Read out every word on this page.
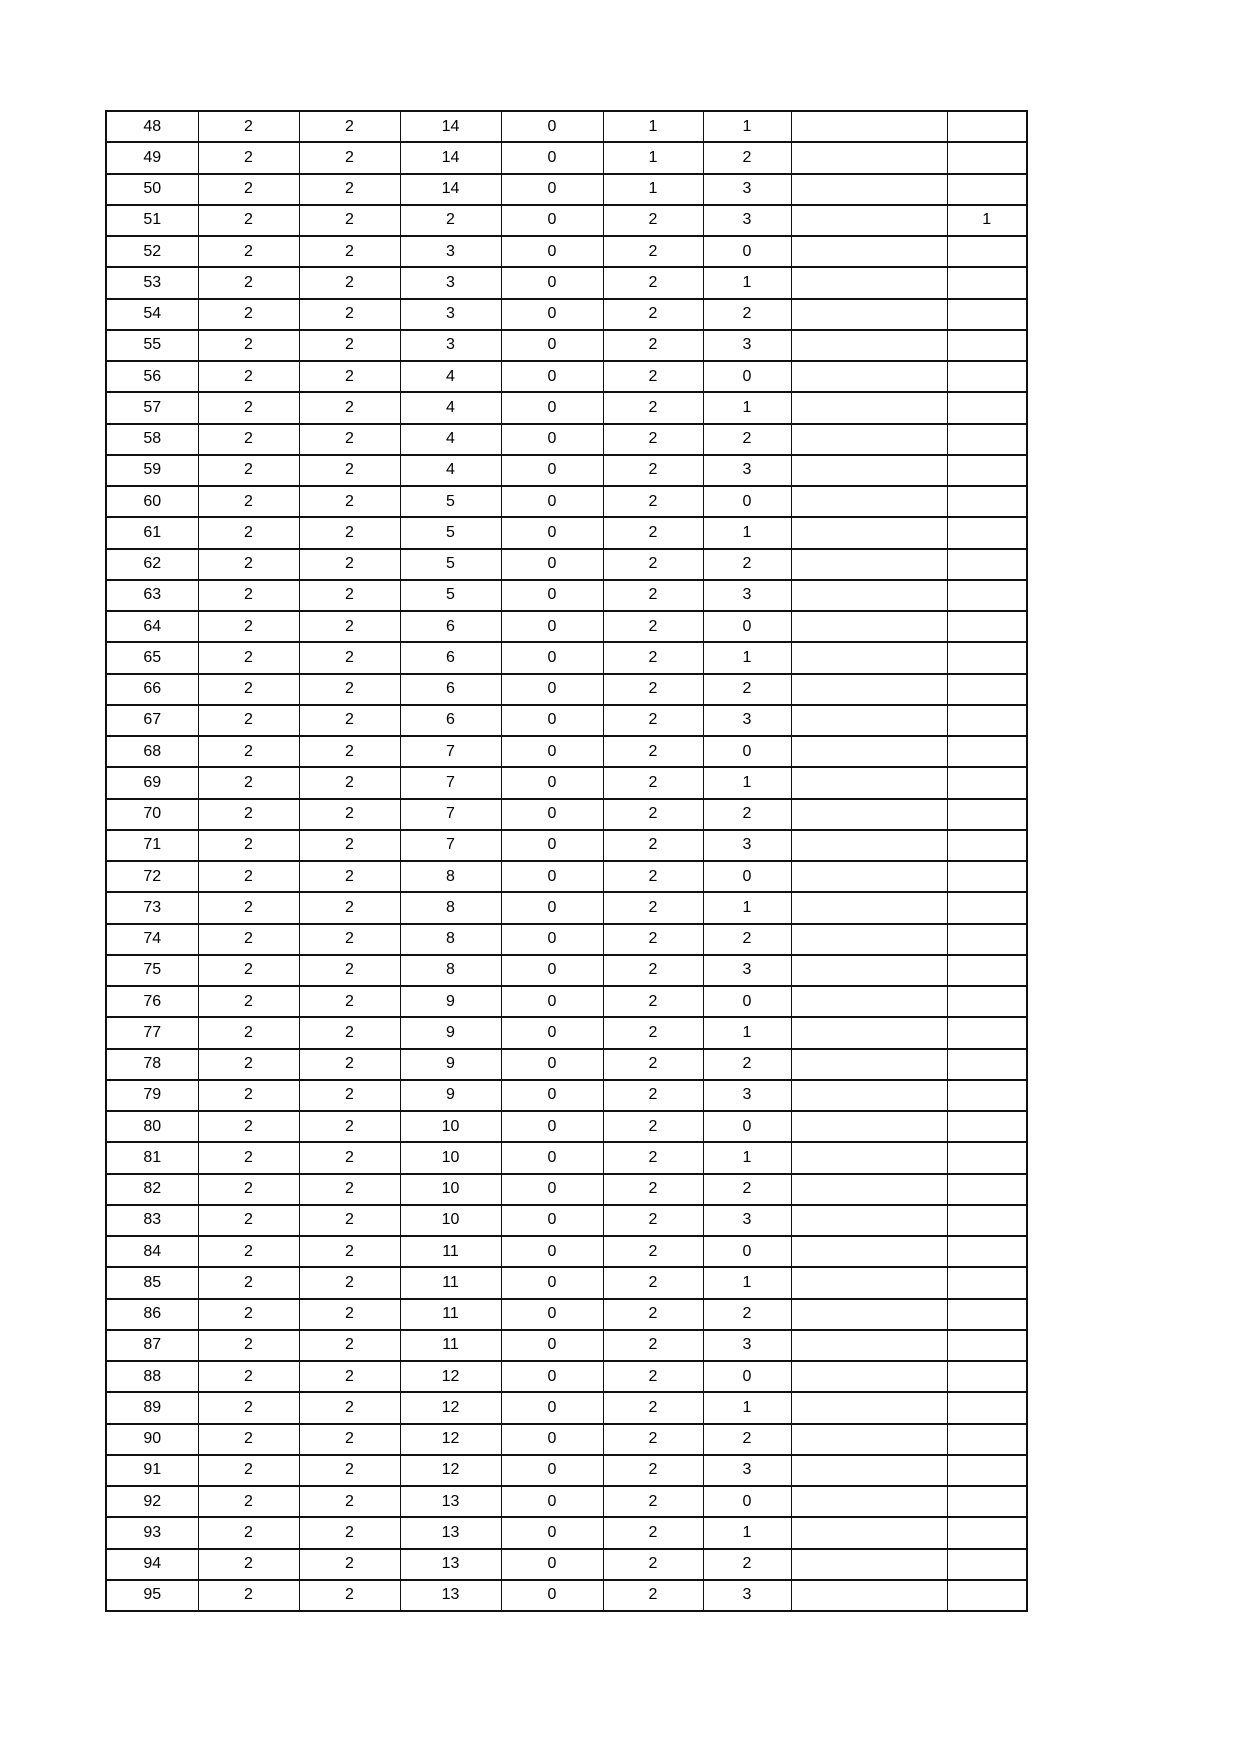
48	2	2	14	0	1	1		
49	2	2	14	0	1	2		
50	2	2	14	0	1	3		
51	2	2	2	0	2	3		1
52	2	2	3	0	2	0		
53	2	2	3	0	2	1		
54	2	2	3	0	2	2		
55	2	2	3	0	2	3		
56	2	2	4	0	2	0		
57	2	2	4	0	2	1		
58	2	2	4	0	2	2		
59	2	2	4	0	2	3		
60	2	2	5	0	2	0		
61	2	2	5	0	2	1		
62	2	2	5	0	2	2		
63	2	2	5	0	2	3		
64	2	2	6	0	2	0		
65	2	2	6	0	2	1		
66	2	2	6	0	2	2		
67	2	2	6	0	2	3		
68	2	2	7	0	2	0		
69	2	2	7	0	2	1		
70	2	2	7	0	2	2		
71	2	2	7	0	2	3		
72	2	2	8	0	2	0		
73	2	2	8	0	2	1		
74	2	2	8	0	2	2		
75	2	2	8	0	2	3		
76	2	2	9	0	2	0		
77	2	2	9	0	2	1		
78	2	2	9	0	2	2		
79	2	2	9	0	2	3		
80	2	2	10	0	2	0		
81	2	2	10	0	2	1		
82	2	2	10	0	2	2		
83	2	2	10	0	2	3		
84	2	2	11	0	2	0		
85	2	2	11	0	2	1		
86	2	2	11	0	2	2		
87	2	2	11	0	2	3		
88	2	2	12	0	2	0		
89	2	2	12	0	2	1		
90	2	2	12	0	2	2		
91	2	2	12	0	2	3		
92	2	2	13	0	2	0		
93	2	2	13	0	2	1		
94	2	2	13	0	2	2		
95	2	2	13	0	2	3		
